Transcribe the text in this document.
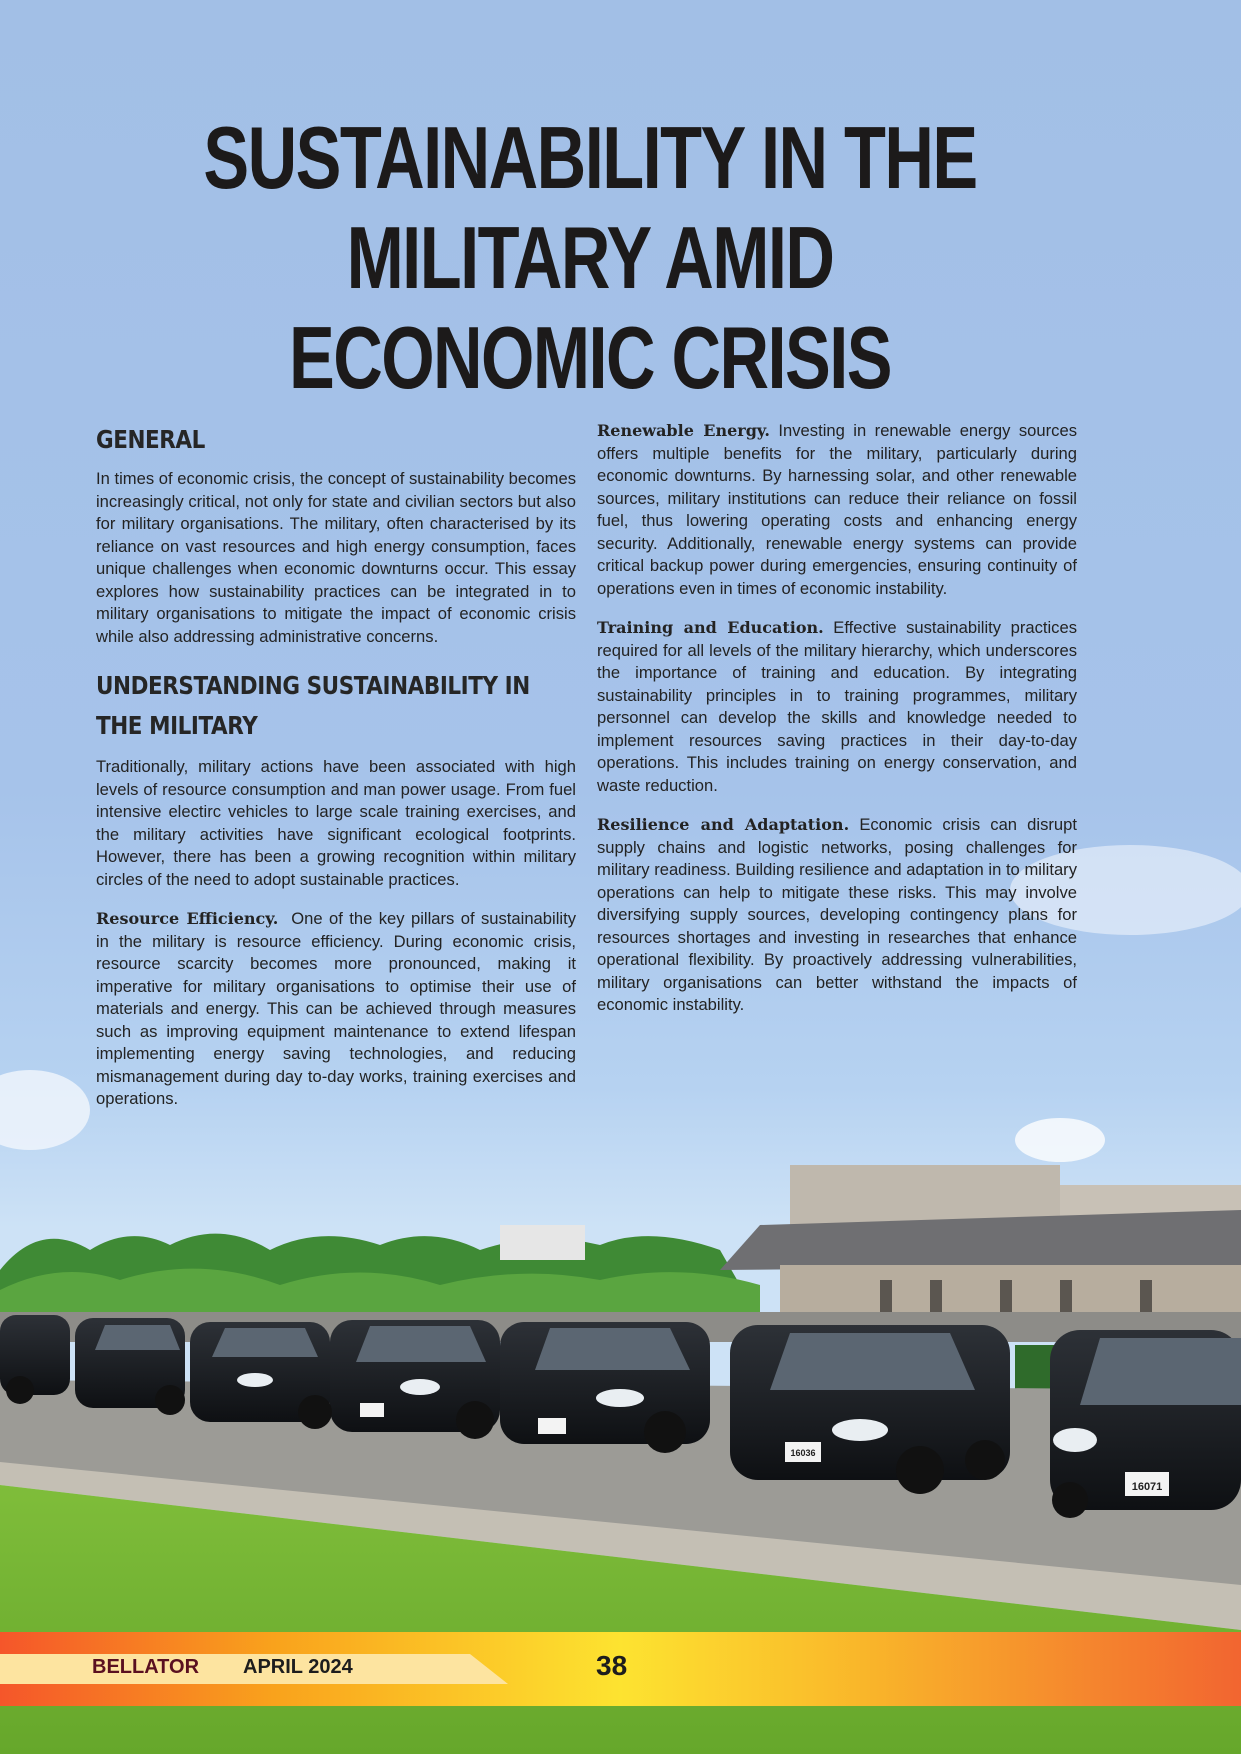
16071
16036
SUSTAINABILITY IN THE
MILITARY AMID
ECONOMIC CRISIS
GENERAL

In times of economic crisis, the concept of sustainability becomes increasingly critical, not only for state and civilian sectors but also for military organisations. The military, often characterised by its reliance on vast resources and high energy consumption, faces unique challenges when economic downturns occur. This essay explores how sustainability practices can be integrated in to military organisations to mitigate the impact of economic crisis while also addressing administrative concerns.

UNDERSTANDING SUSTAINABILITY IN
THE MILITARY

Traditionally, military actions have been associated with high levels of resource consumption and man power usage. From fuel intensive electirc vehicles to large scale training exercises, and the military activities have significant ecological footprints. However, there has been a growing recognition within military circles of the need to adopt sustainable practices.

Resource Efficiency. One of the key pillars of sustainability in the military is resource efficiency. During economic crisis, resource scarcity becomes more pronounced, making it imperative for military organisations to optimise their use of materials and energy. This can be achieved through measures such as improving equipment maintenance to extend lifespan implementing energy saving technologies, and reducing mismanagement during day to-day works, training exercises and operations.

Renewable Energy. Investing in renewable energy sources offers multiple benefits for the military, particularly during economic downturns. By harnessing solar, and other renewable sources, military institutions can reduce their reliance on fossil fuel, thus lowering operating costs and enhancing energy security. Additionally, renewable energy systems can provide critical backup power during emergencies, ensuring continuity of operations even in times of economic instability.

Training and Education. Effective sustainability practices required for all levels of the military hierarchy, which underscores the importance of training and education. By integrating sustainability principles in to training programmes, military personnel can develop the skills and knowledge needed to implement resources saving practices in their day-to-day operations. This includes training on energy conservation, and waste reduction.

Resilience and Adaptation. Economic crisis can disrupt supply chains and logistic networks, posing challenges for military readiness. Building resilience and adaptation in to military operations can help to mitigate these risks. This may involve diversifying supply sources, developing contingency plans for resources shortages and investing in researches that enhance operational flexibility. By proactively addressing vulnerabilities, military organisations can better withstand the impacts of economic instability.

BELLATOR APRIL 2024	38
